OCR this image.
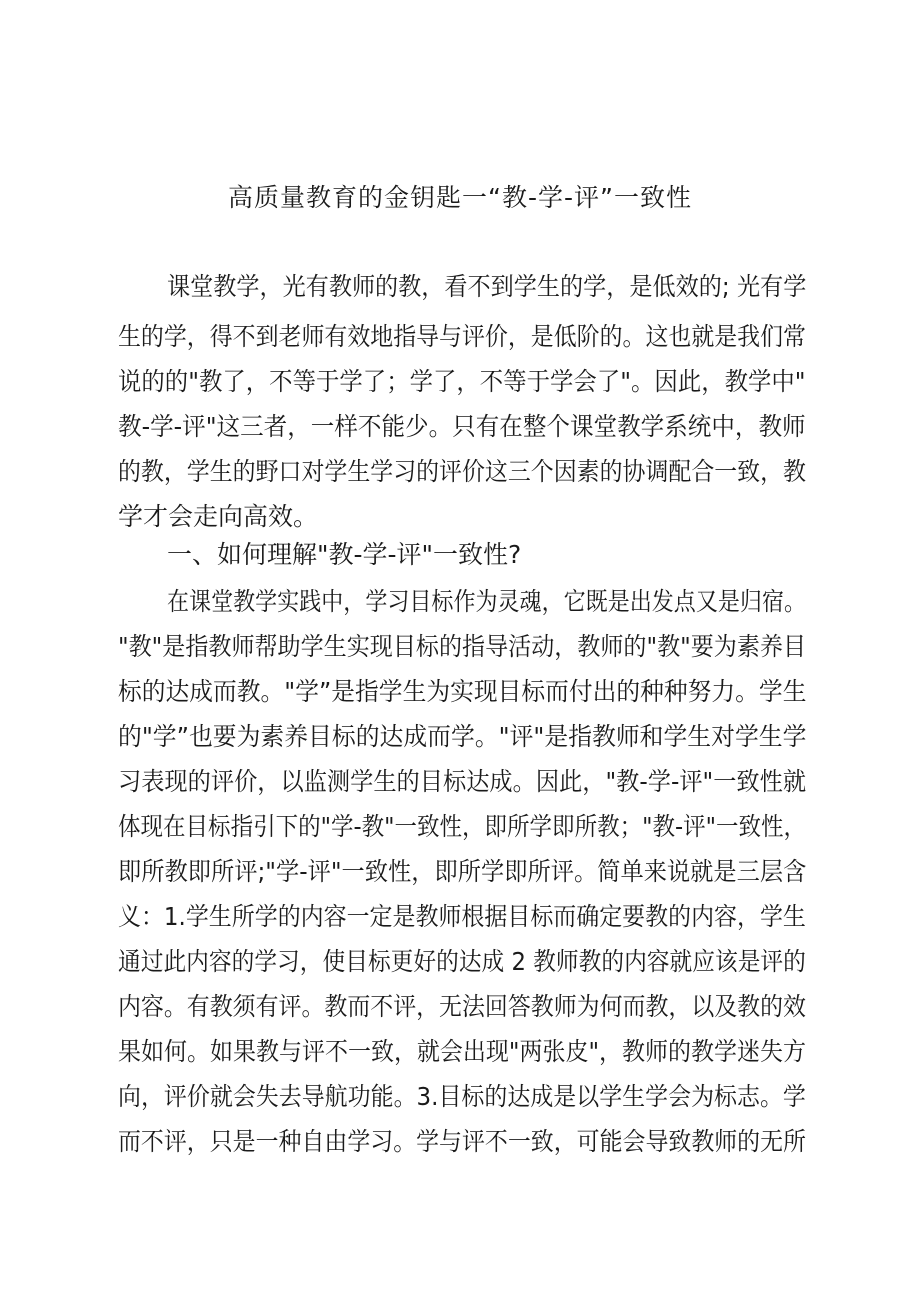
高质量教育的金钥匙一“教-学-评”一致性
课堂教学，光有教师的教，看不到学生的学，是低效的; 光有学
生的学，得不到老师有效地指导与评价，是低阶的。这也就是我们常
说的的"教了，不等于学了；学了，不等于学会了"。因此，教学中"
教-学-评"这三者，一样不能少。只有在整个课堂教学系统中，教师
的教，学生的野口对学生学习的评价这三个因素的协调配合一致，教
学才会走向高效。
一、如何理解"教-学-评"一致性?
在课堂教学实践中，学习目标作为灵魂，它既是出发点又是归宿。
"教"是指教师帮助学生实现目标的指导活动，教师的"教"要为素养目
标的达成而教。"学”是指学生为实现目标而付出的种种努力。学生
的"学”也要为素养目标的达成而学。"评"是指教师和学生对学生学
习表现的评价，以监测学生的目标达成。因此，"教-学-评"一致性就
体现在目标指引下的"学-教"一致性，即所学即所教；"教-评"一致性，
即所教即所评;"学-评"一致性，即所学即所评。简单来说就是三层含
义：1.学生所学的内容一定是教师根据目标而确定要教的内容，学生
通过此内容的学习，使目标更好的达成 2 教师教的内容就应该是评的
内容。有教须有评。教而不评，无法回答教师为何而教，以及教的效
果如何。如果教与评不一致，就会出现"两张皮"，教师的教学迷失方
向，评价就会失去导航功能。3.目标的达成是以学生学会为标志。学
而不评，只是一种自由学习。学与评不一致，可能会导致教师的无所
